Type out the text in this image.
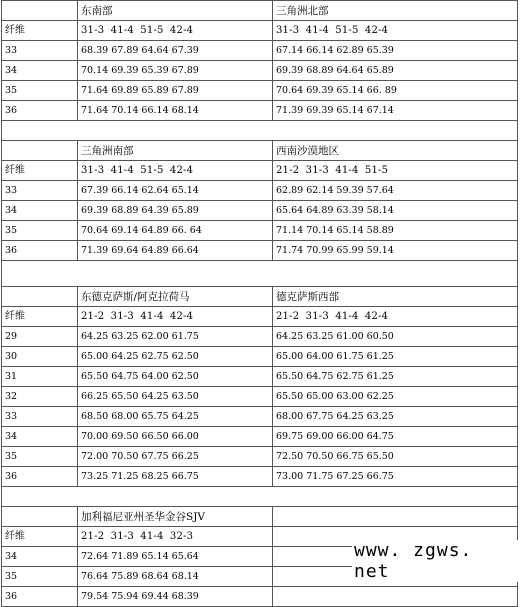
	东南部	三角洲北部
纤维	31-3 41-4 51-5 42-4	31-3 41-4 51-5 42-4
33	68.39 67.89 64.64 67.39	67.14 66.14 62.89 65.39
34	70.14 69.39 65.39 67.89	69.39 68.89 64.64 65.89
35	71.64 69.89 65.89 67.89	70.64 69.39 65.14 66. 89
36	71.64 70.14 66.14 68.14	71.39 69.39 65.14 67.14

	三角洲南部	西南沙漠地区
纤维	31-3 41-4 51-5 42-4	21-2 31-3 41-4 51-5
33	67.39 66.14 62.64 65.14	62.89 62.14 59.39 57.64
34	69.39 68.89 64.39 65.89	65.64 64.89 63.39 58.14
35	70.64 69.14 64.89 66. 64	71.14 70.14 65.14 58.89
36	71.39 69.64 64.89 66.64	71.74 70.99 65.99 59.14

	东德克萨斯/阿克拉荷马	德克萨斯西部
纤维	21-2 31-3 41-4 42-4	21-2 31-3 41-4 42-4
29	64.25 63.25 62.00 61.75	64.25 63.25 61.00 60.50
30	65.00 64.25 62.75 62.50	65.00 64.00 61.75 61.25
31	65.50 64.75 64.00 62.50	65.50 64.75 62.75 61.25
32	66.25 65.50 64.25 63.50	65.50 65.00 63.00 62.25
33	68.50 68.00 65.75 64.25	68.00 67.75 64.25 63.25
34	70.00 69.50 66.50 66.00	69.75 69.00 66.00 64.75
35	72.00 70.50 67.75 66.25	72.50 70.50 66.75 65.50
36	73.25 71.25 68.25 66.75	73.00 71.75 67.25 66.75

	加利福尼亚州圣华金谷SJV	
纤维	21-2 31-3 41-4 32-3	
34	72.64 71.89 65.14 65.64	
35	76.64 75.89 68.64 68.14	
36	79.54 75.94 69.44 68.39	
www. zgws. net
